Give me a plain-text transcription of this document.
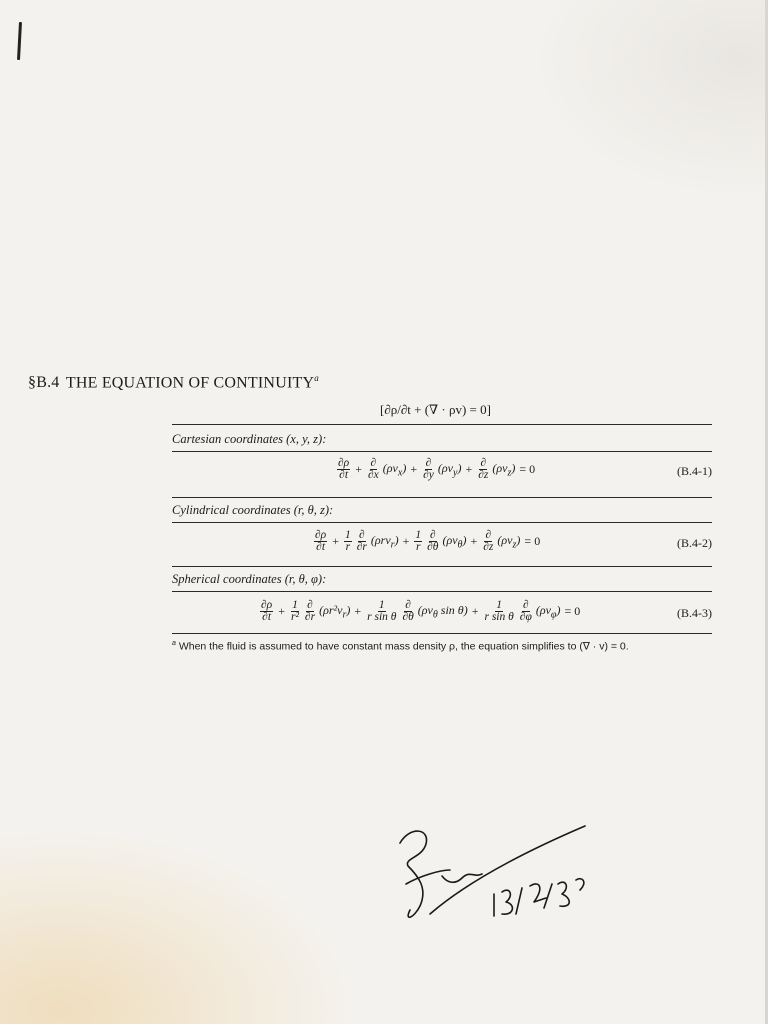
§B.4 THE EQUATION OF CONTINUITY$^a$
[∂ρ/∂t + (∇ · ρv) = 0]
Cartesian coordinates (x, y, z):
$\frac{\partial\rho}{\partial t} + \frac{\partial}{\partial x} (\rho v_x) + \frac{\partial}{\partial y} (\rho v_y) + \frac{\partial}{\partial z} (\rho v_z) = 0$	(B.4-1)
Cylindrical coordinates (r, θ, z):
$\frac{\partial\rho}{\partial t} + \frac{1}{r} \frac{\partial}{\partial r} (\rho rv_r) + \frac{1}{r} \frac{\partial}{\partial\theta} (\rho v_\theta) + \frac{\partial}{\partial z} (\rho v_z) = 0$	(B.4-2)
Spherical coordinates (r, θ, φ):
$\frac{\partial\rho}{\partial t} + \frac{1}{\text{r²}} \frac{\partial}{\partial r} (\rho r^2v_r) + \frac{1}{\text{r sin θ}} \frac{\partial}{\partial\theta} (\rho v_\theta$ $\sin \theta) + \frac{1}{\text{r sin θ}} \frac{\partial}{\partial\varphi} (\rho v_\varphi) = 0$	(B.4-3)
$^a$ When the fluid is assumed to have constant mass density ρ, the equation simplifies to (∇ · v) = 0.
